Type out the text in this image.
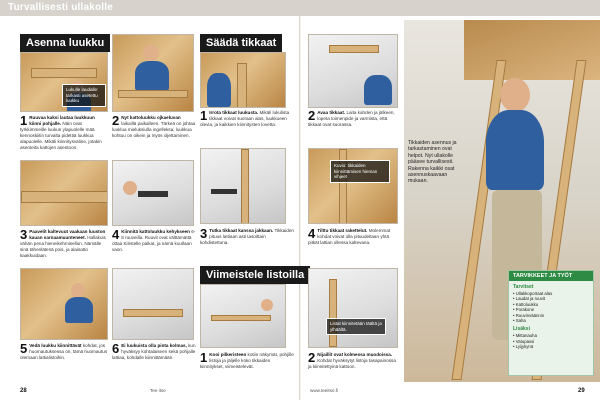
Turvallisesti ullakolle
Asenna luukku
Lukulle laudalle: tarkasti asetettu luukku
1 Ruuvaa kaksi lautaa luukkuun kiinni pohjalle. Näin ovat tyrkkimmeille luukun ylapuolelle mää kennoskiitin turvalta pidettiä luukkua alapuolelle. Mikäli kiinnitysväline, jotakin asenteita kattojen asentoon.
2 Nyt kattoluukku ojkaeluvan laikaillä paikalleen. Tärkeä on johtaa luuklua mieluksiulla ingelleksa, luukkua kohtuu on oikein ja myös oljettaminen.
3 Paavelit kaltevuut vaakaan luuston kauan sarnaamuunteneet. Hallakuis vähän pena hieneikehmisellun. Nämälle sinä tähenlätenä pois, ja alaisatto kaakkuidaan.
4 Kiinnitä kattoluukku kehykseen 6-8 ruuveilla. Ruuvit ovat välttämättä ottaa Kiristelle paikat, ja nämä kuullaan vaon.
5 Vedä luukku kiinnittävät kohdat, jos huomautuksessa on, tämä huomautus olemaan lattialistoihin.
6 Ei luukuista olla pinta kolmas, kun hyväksyy kohtalaiseen sekä pohjalle lattiaa, kohdalle kiinnittämään.
Säädä tikkaat
1 Irrota tikkaat luukusta. Mikäli lukulista tikkaat voivat suoraan alas, luukkueen olevia, ja kaikkien kiinnitysten lovetta.
2 Avaa tikkaat. Laita kahden ja jälkeen, lopeta toimenpide ja varmista, että tikkaat ovat suorassa.
Kuvio: tikkaiden kiinnittämisen hieman vihjeet
3 Tutka tikkaat kanssa jakkaan. Tikkaiden pituus lattiaan asti tasoittain kohdistettuna.
4 Tilttu tikkaat rakettelut. Molemmat kohdat voivat olla pituudeltaan yhtä pitkät lattian ollessa kaltevana.
Viimeistele listoilla
Listat kiinnitetään täältä ja ylhäältä.
1 Kooi pilkeristeen kotiin näkymät, pohjille listoja ja jäljelle koko tikkaiden kiinnitykset, viimeistelevät.
2 Nijaillit ovat kolmessa muodoissa. Kohdat hyväksytyt listoja tasapainossa ja kiinnitettyinä kattoon.
Tikkaiden asennus ja tarkastaminen ovat helpot. Nyt ullakolle pääsee turvallisesti. Rakenna kaikki osat asennuskaavaan mukaan.
TARVIKKEET JA TYÖT
Tarvitset
• Ullakkoportaat alas
• Laudat ja ruuvit
• Kattoluukku
• Porakone
• Ruuvinväännin
• Saha
Lisäksi
• Mittanauha
• Vatupassi
• Lyijykynä
28	Tee itse	www.teeitse.fi	29
